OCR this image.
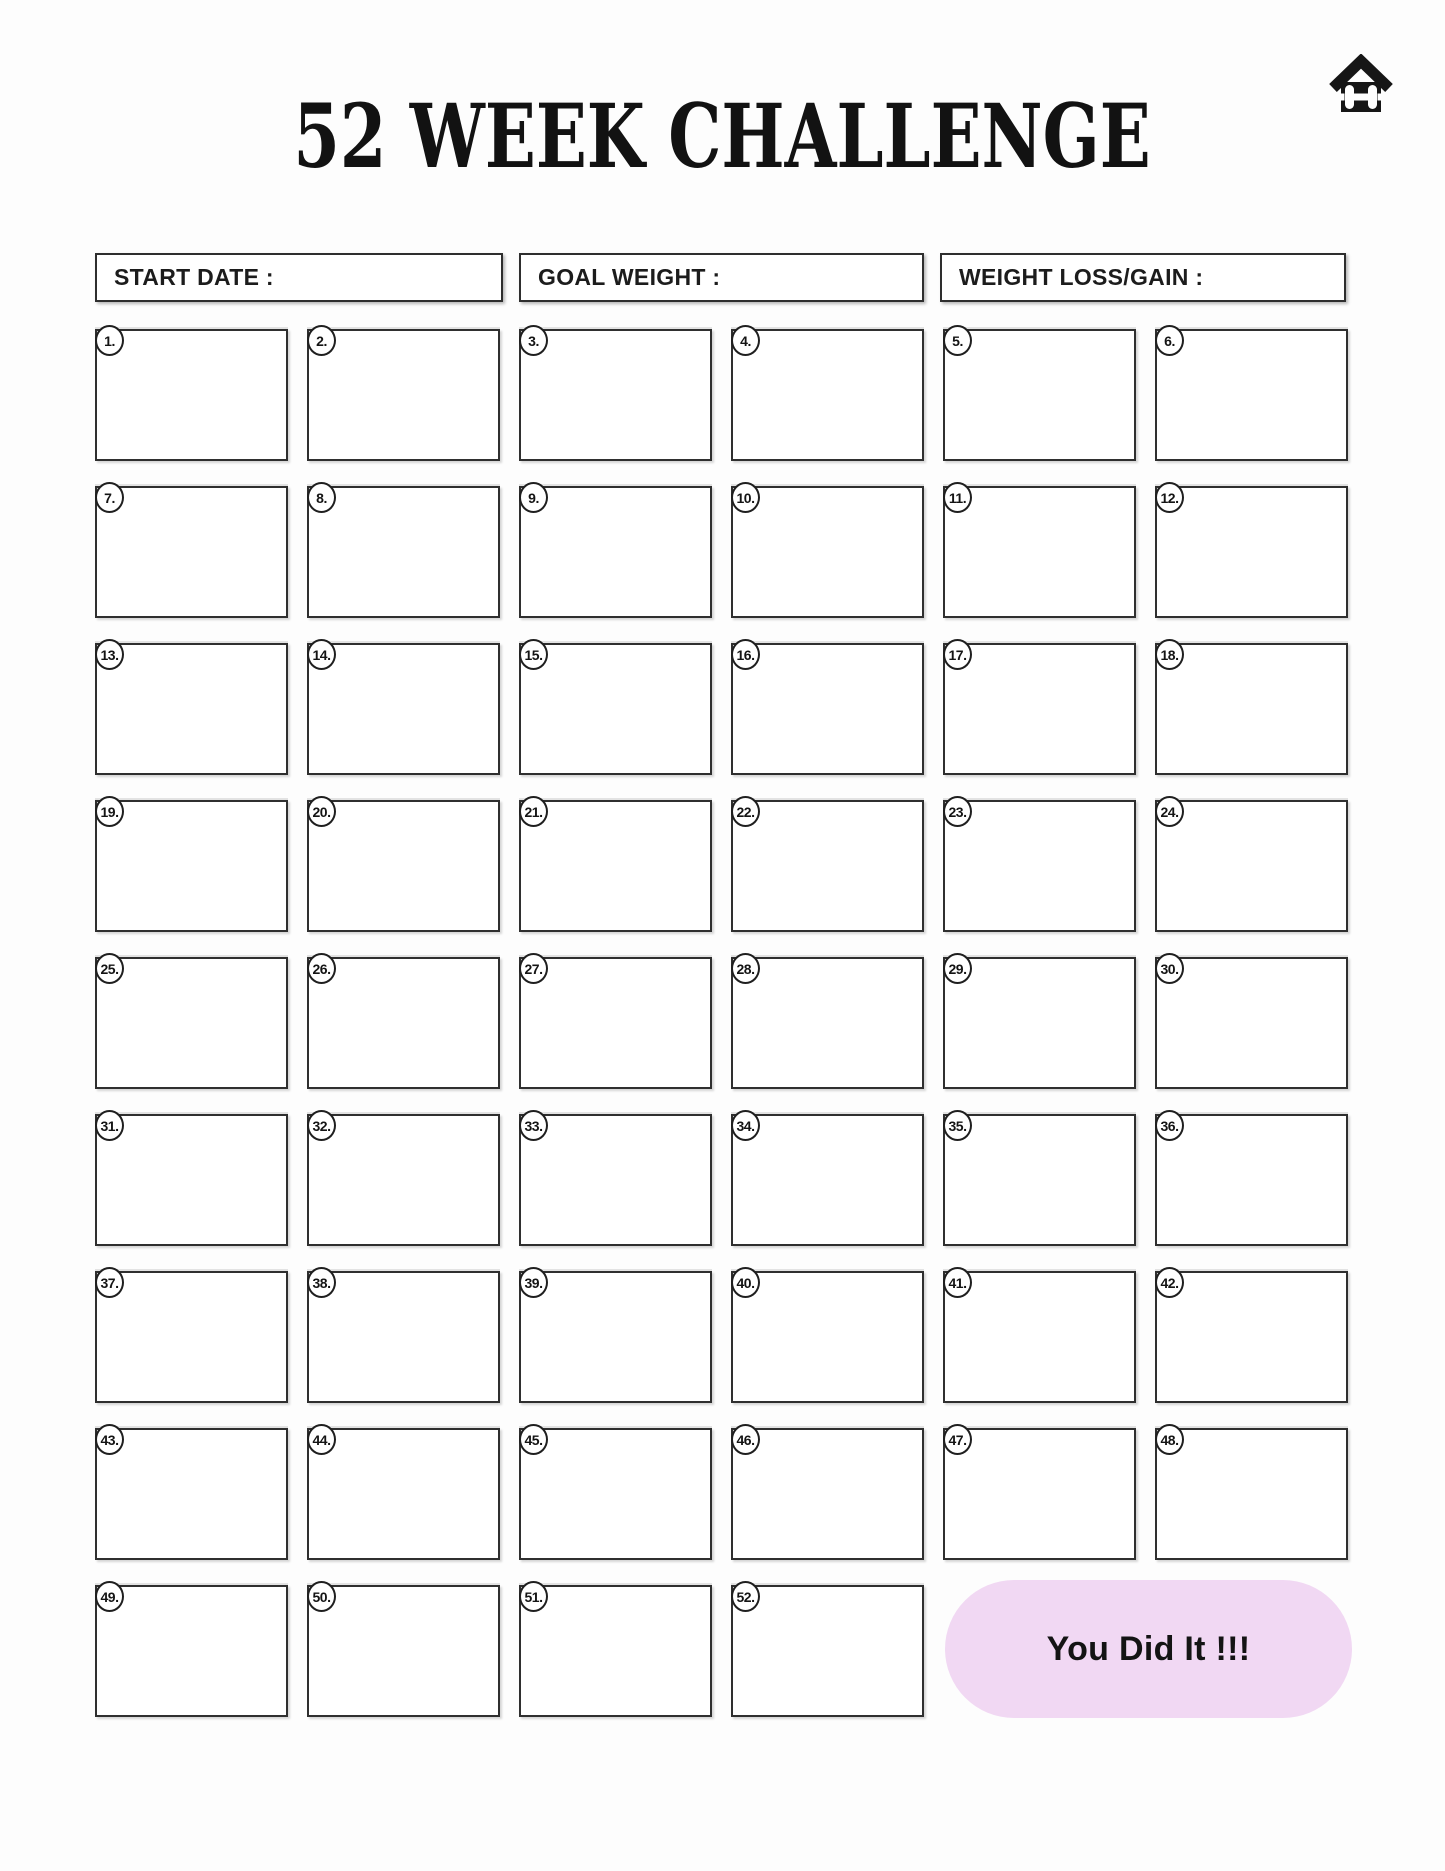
52 WEEK CHALLENGE
START DATE :	GOAL WEIGHT :	WEIGHT LOSS/GAIN :
1.	2.	3.	4.	5.	6.
7.	8.	9.	10.	11.	12.
13.	14.	15.	16.	17.	18.
19.	20.	21.	22.	23.	24.
25.	26.	27.	28.	29.	30.
31.	32.	33.	34.	35.	36.
37.	38.	39.	40.	41.	42.
43.	44.	45.	46.	47.	48.
49.	50.	51.	52.
You Did It !!!
